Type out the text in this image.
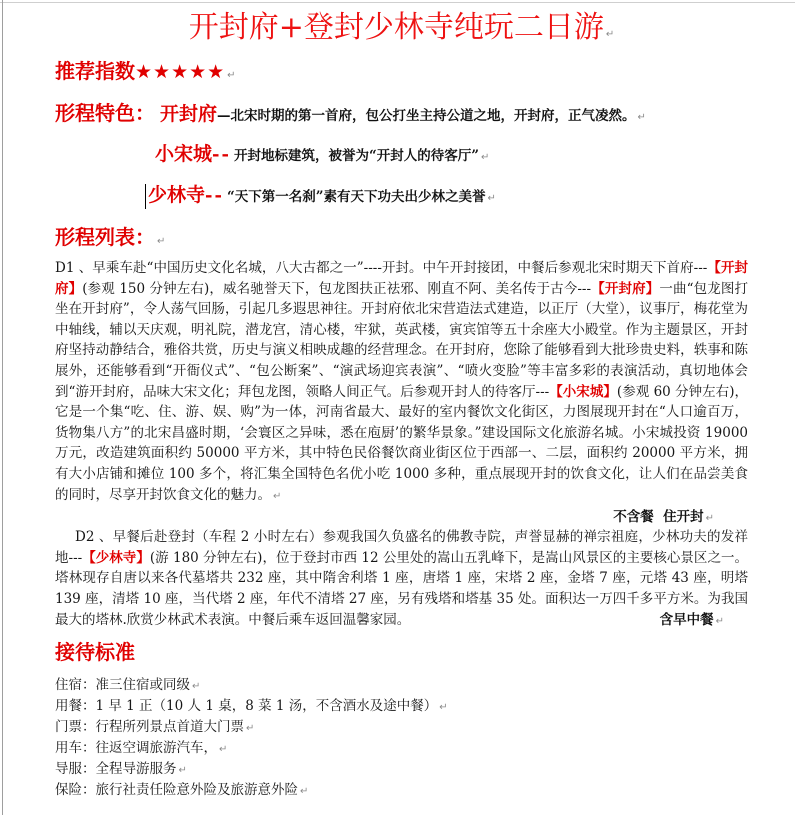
开封府+登封少林寺纯玩二日游 ↵
推荐指数★★★★★ ↵
形程特色： 开封府—北宋时期的第一首府，包公打坐主持公道之地，开封府，正气凌然。 ↵
小宋城-- 开封地标建筑，被誉为“开封人的待客厅” ↵
少林寺-- “天下第一名刹”素有天下功夫出少林之美誉 ↵
形程列表： ↵

D1 、早乘车赴“中国历史文化名城，八大古都之一”----开封。中午开封接团，中餐后参观北宋时期天下首府---【开封府】(参观 150 分钟左右)，威名驰誉天下，包龙图扶正祛邪、刚直不阿、美名传于古今---【开封府】一曲“包龙图打坐在开封府”，令人荡气回肠，引起几多遐思神往。开封府依北宋营造法式建造，以正厅（大堂），议事厅，梅花堂为中轴线，辅以天庆观，明礼院，潜龙宫，清心楼，牢狱，英武楼，寅宾馆等五十余座大小殿堂。作为主题景区，开封府坚持动静结合，雅俗共赏，历史与演义相映成趣的经营理念。在开封府，您除了能够看到大批珍贵史料，轶事和陈展外，还能够看到“开衙仪式”、“包公断案”、“演武场迎宾表演”、“喷火变脸”等丰富多彩的表演活动，真切地体会到“游开封府，品味大宋文化；拜包龙图，领略人间正气。后参观开封人的待客厅---【小宋城】(参观 60 分钟左右)，它是一个集“吃、住、游、娱、购”为一体，河南省最大、最好的室内餐饮文化街区，力图展现开封在“人口逾百万，货物集八方”的北宋昌盛时期，‘会寰区之异味，悉在庖厨’的繁华景象。”建设国际文化旅游名城。小宋城投资 19000 万元，改造建筑面积约 50000 平方米，其中特色民俗餐饮商业街区位于西部一、二层，面积约 20000 平方米，拥有大小店铺和摊位 100 多个，将汇集全国特色名优小吃 1000 多种，重点展现开封的饮食文化，让人们在品尝美食的同时，尽享开封饮食文化的魅力。 ↵

不含餐  住开封 ↵

D2 、早餐后赴登封（车程 2 小时左右）参观我国久负盛名的佛教寺院，声誉显赫的禅宗祖庭，少林功夫的发祥地---【少林寺】(游 180 分钟左右)，位于登封市西 12 公里处的嵩山五乳峰下，是嵩山风景区的主要核心景区之一。塔林现存自唐以来各代墓塔共 232 座，其中隋舍利塔 1 座，唐塔 1 座，宋塔 2 座，金塔 7 座，元塔 43 座，明塔 139 座，清塔 10 座，当代塔 2 座，年代不清塔 27 座，另有残塔和塔基 35 处。面积达一万四千多平方米。为我国最大的塔林.欣赏少林武术表演。中餐后乘车返回温馨家园。	含早中餐 ↵

接待标准
住宿：准三住宿或同级 ↵
用餐：1 早 1 正（10 人 1 桌，8 菜 1 汤，不含酒水及途中餐） ↵
门票：行程所列景点首道大门票 ↵
用车：往返空调旅游汽车， ↵
导服：全程导游服务 ↵
保险：旅行社责任险意外险及旅游意外险 ↵
